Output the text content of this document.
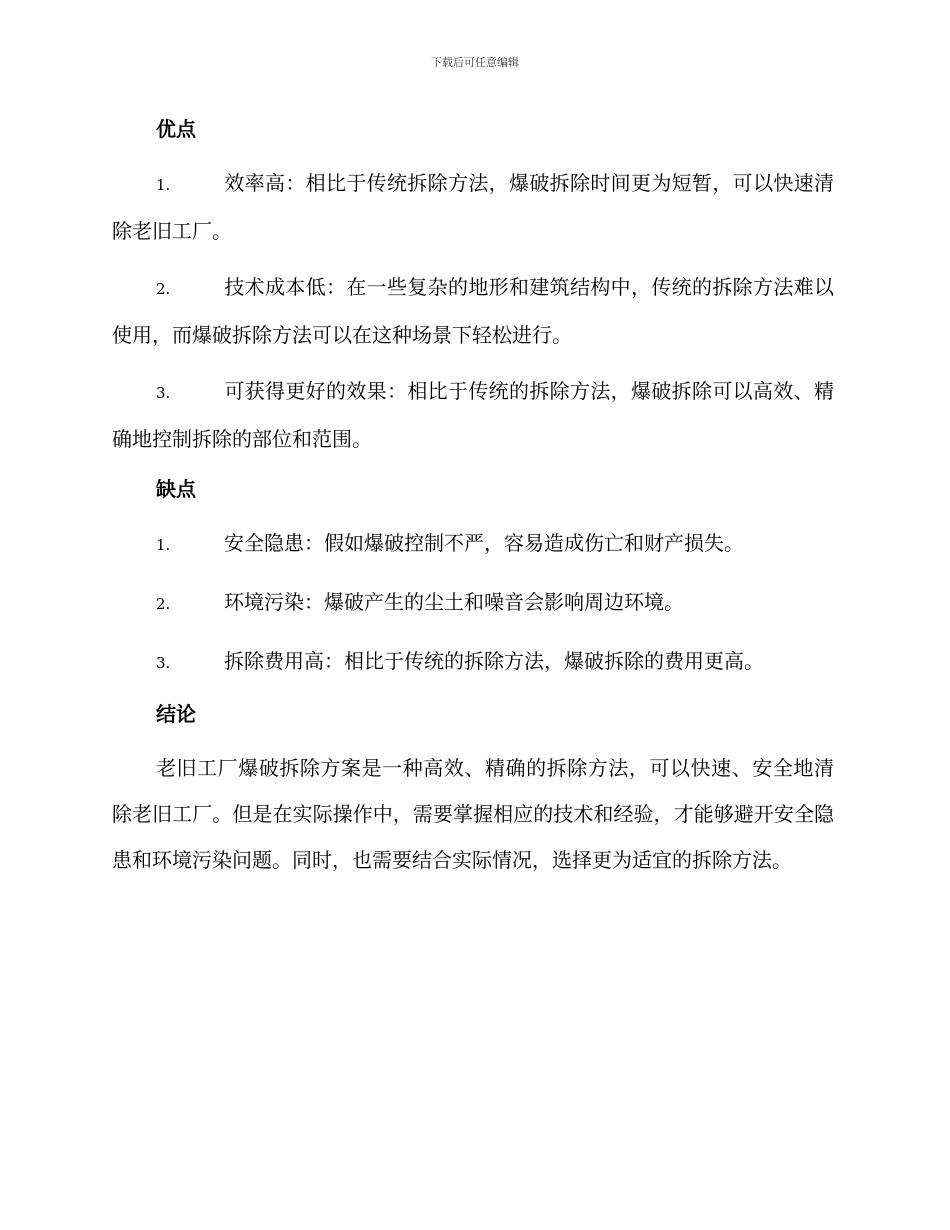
下载后可任意编辑
优点

1.	效率高：相比于传统拆除方法，爆破拆除时间更为短暂，可以快速清除老旧工厂。

2.	技术成本低：在一些复杂的地形和建筑结构中，传统的拆除方法难以使用，而爆破拆除方法可以在这种场景下轻松进行。

3.	可获得更好的效果：相比于传统的拆除方法，爆破拆除可以高效、精确地控制拆除的部位和范围。

缺点

1.	安全隐患：假如爆破控制不严，容易造成伤亡和财产损失。

2.	环境污染：爆破产生的尘土和噪音会影响周边环境。

3.	拆除费用高：相比于传统的拆除方法，爆破拆除的费用更高。

结论

老旧工厂爆破拆除方案是一种高效、精确的拆除方法，可以快速、安全地清除老旧工厂。但是在实际操作中，需要掌握相应的技术和经验，才能够避开安全隐患和环境污染问题。同时，也需要结合实际情况，选择更为适宜的拆除方法。
